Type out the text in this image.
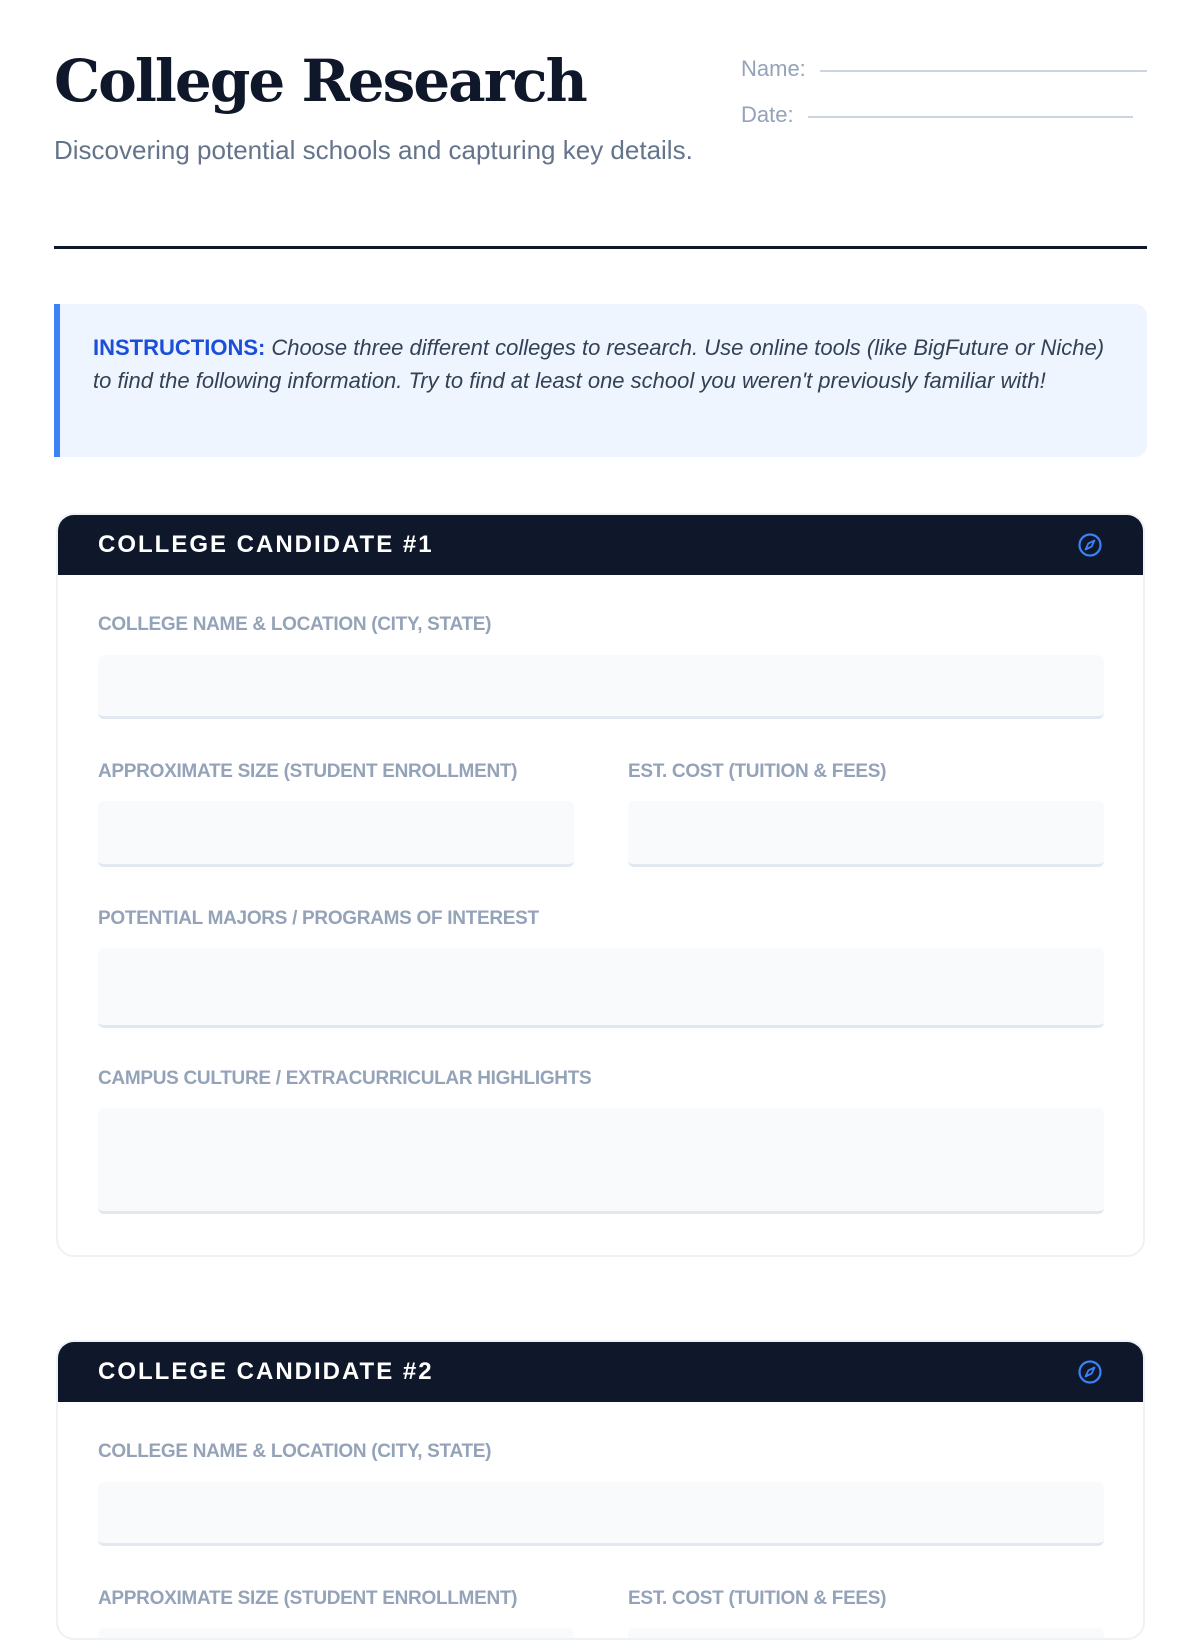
College Research

Discovering potential schools and capturing key details.

Name:
Date:
INSTRUCTIONS: Choose three different colleges to research. Use online tools (like BigFuture or Niche) to find the following information. Try to find at least one school you weren't previously familiar with!
COLLEGE CANDIDATE #1
COLLEGE NAME & LOCATION (CITY, STATE)
APPROXIMATE SIZE (STUDENT ENROLLMENT)	EST. COST (TUITION & FEES)
POTENTIAL MAJORS / PROGRAMS OF INTEREST
CAMPUS CULTURE / EXTRACURRICULAR HIGHLIGHTS
COLLEGE CANDIDATE #2
COLLEGE NAME & LOCATION (CITY, STATE)
APPROXIMATE SIZE (STUDENT ENROLLMENT)	EST. COST (TUITION & FEES)
